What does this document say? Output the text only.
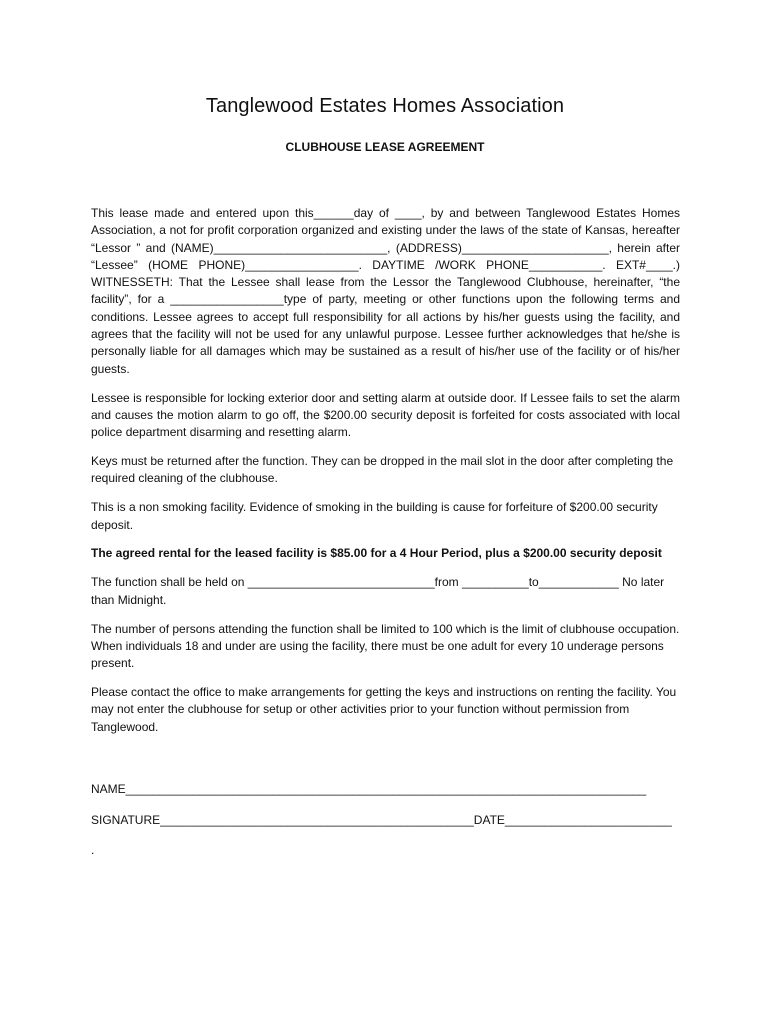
Tanglewood Estates Homes Association
CLUBHOUSE LEASE AGREEMENT

This lease made and entered upon this______day of ____, by and between Tanglewood Estates Homes Association, a not for profit corporation organized and existing under the laws of the state of Kansas, hereafter “Lessor ” and (NAME)__________________________, (ADDRESS)______________________, herein after “Lessee” (HOME PHONE)_________________. DAYTIME /WORK PHONE___________. EXT#____.) WITNESSETH: That the Lessee shall lease from the Lessor the Tanglewood Clubhouse, hereinafter, “the facility”, for a _________________type of party, meeting or other functions upon the following terms and conditions. Lessee agrees to accept full responsibility for all actions by his/her guests using the facility, and agrees that the facility will not be used for any unlawful purpose. Lessee further acknowledges that he/she is personally liable for all damages which may be sustained as a result of his/her use of the facility or of his/her guests.

Lessee is responsible for locking exterior door and setting alarm at outside door. If Lessee fails to set the alarm and causes the motion alarm to go off, the $200.00 security deposit is forfeited for costs associated with local police department disarming and resetting alarm.

Keys must be returned after the function. They can be dropped in the mail slot in the door after completing the required cleaning of the clubhouse.

This is a non smoking facility. Evidence of smoking in the building is cause for forfeiture of $200.00 security deposit.

The agreed rental for the leased facility is $85.00 for a 4 Hour Period, plus a $200.00 security deposit

The function shall be held on ____________________________from __________to____________ No later than Midnight.

The number of persons attending the function shall be limited to 100 which is the limit of clubhouse occupation. When individuals 18 and under are using the facility, there must be one adult for every 10 underage persons present.

Please contact the office to make arrangements for getting the keys and instructions on renting the facility. You may not enter the clubhouse for setup or other activities prior to your function without permission from Tanglewood.

NAME______________________________________________________________________________
SIGNATURE_______________________________________________DATE_________________________
.
